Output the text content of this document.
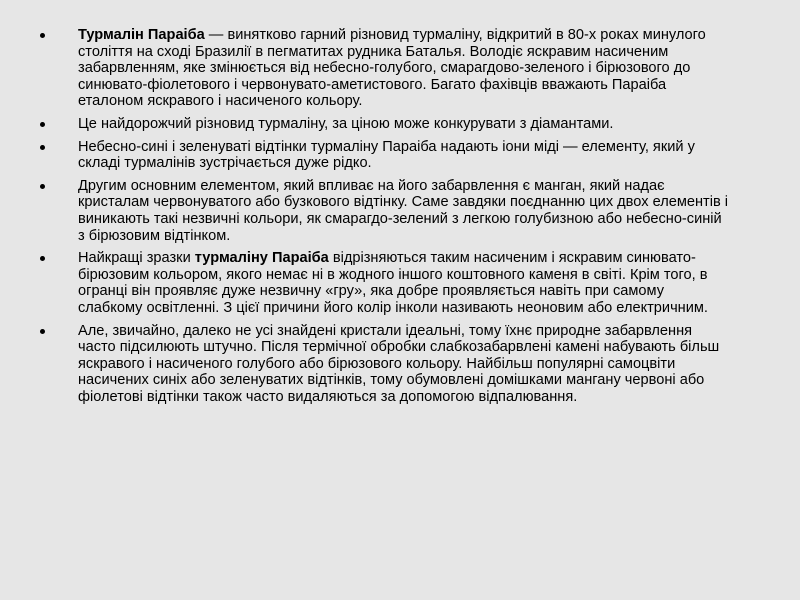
Турмалін Параіба — винятково гарний різновид турмаліну, відкритий в 80-х роках минулого століття на сході Бразилії в пегматитах рудника Баталья. Володіє яскравим насиченим забарвленням, яке змінюється від небесно-голубого, смарагдово-зеленого і бірюзового до синювато-фіолетового і червонувато-аметистового. Багато фахівців вважають Параіба еталоном яскравого і насиченого кольору.
Це найдорожчий різновид турмаліну, за ціною може конкурувати з діамантами.
Небесно-сині і зеленуваті відтінки турмаліну Параіба надають іони міді — елементу, який у складі турмалінів зустрічається дуже рідко.
Другим основним елементом, який впливає на його забарвлення є манган, який надає кристалам червонуватого або бузкового відтінку. Саме завдяки поєднанню цих двох елементів і виникають такі незвичні кольори, як смарагдо-зелений з легкою голубизною або небесно-синій з бірюзовим відтінком.
Найкращі зразки турмаліну Параіба відрізняються таким насиченим і яскравим синювато-бірюзовим кольором, якого немає ні в жодного іншого коштовного каменя в світі. Крім того, в огранці він проявляє дуже незвичну «гру», яка добре проявляється навіть при самому слабкому освітленні. З цієї причини його колір інколи називають неоновим або електричним.
Але, звичайно, далеко не усі знайдені кристали ідеальні, тому їхнє природне забарвлення часто підсилюють штучно. Після термічної обробки слабкозабарвлені камені набувають більш яскравого і насиченого голубого або бірюзового кольору. Найбільш популярні самоцвіти насичених синіх або зеленуватих відтінків, тому обумовлені домішками мангану червоні або фіолетові відтінки також часто видаляються за допомогою відпалювання.
